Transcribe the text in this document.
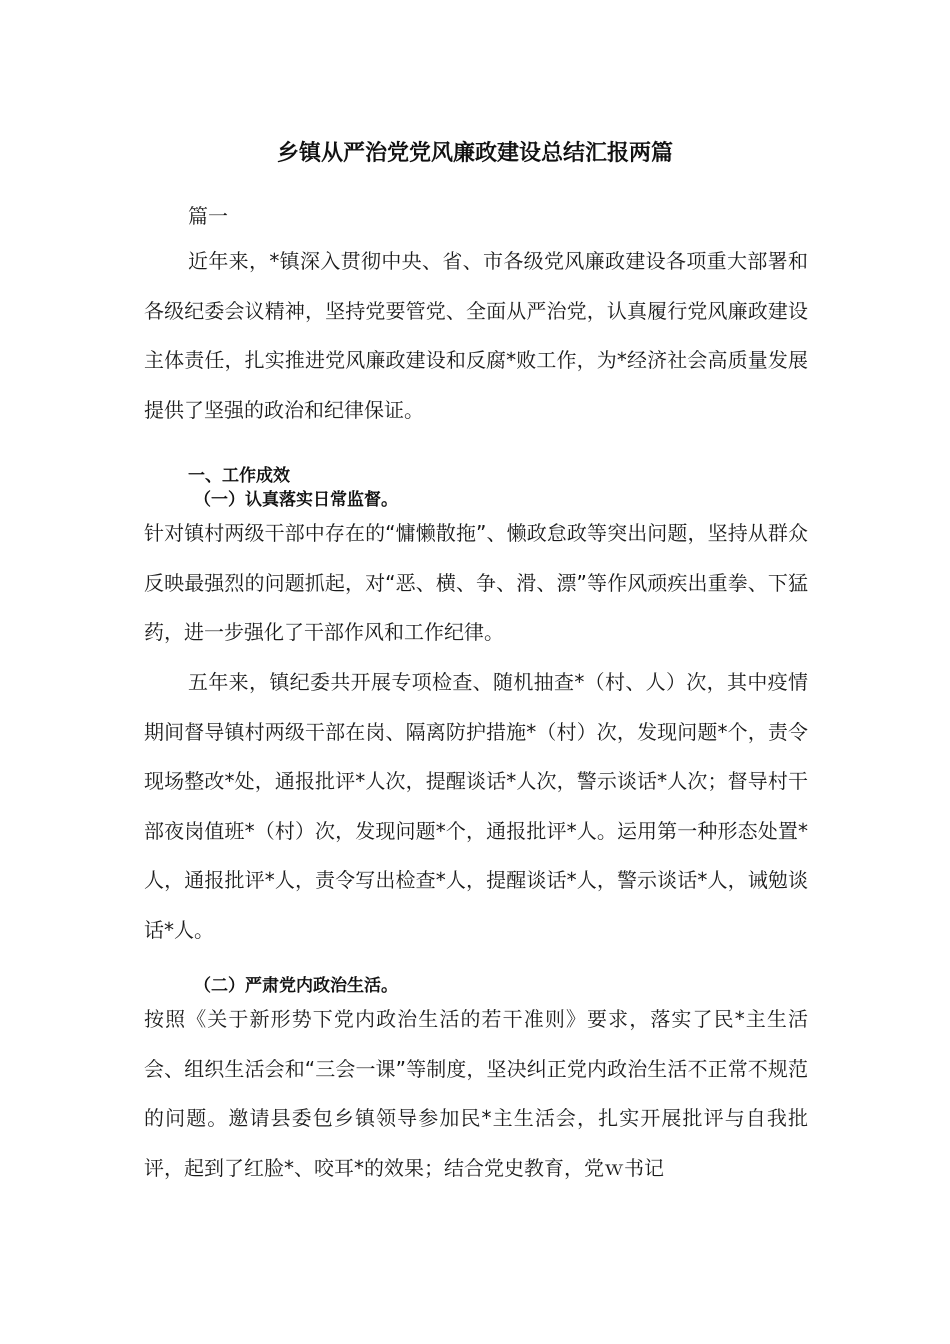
乡镇从严治党党风廉政建设总结汇报两篇

篇一

近年来，*镇深入贯彻中央、省、市各级党风廉政建设各项重大部署和各级纪委会议精神，坚持党要管党、全面从严治党，认真履行党风廉政建设主体责任，扎实推进党风廉政建设和反腐*败工作，为*经济社会高质量发展提供了坚强的政治和纪律保证。

一、工作成效

（一）认真落实日常监督。

针对镇村两级干部中存在的“慵懒散拖”、懒政怠政等突出问题，坚持从群众反映最强烈的问题抓起，对“恶、横、争、滑、漂”等作风顽疾出重拳、下猛药，进一步强化了干部作风和工作纪律。

五年来，镇纪委共开展专项检查、随机抽查*（村、人）次，其中疫情期间督导镇村两级干部在岗、隔离防护措施*（村）次，发现问题*个，责令现场整改*处，通报批评*人次，提醒谈话*人次，警示谈话*人次；督导村干部夜岗值班*（村）次，发现问题*个，通报批评*人。运用第一种形态处置*人，通报批评*人，责令写出检查*人，提醒谈话*人，警示谈话*人，诫勉谈话*人。

（二）严肃党内政治生活。

按照《关于新形势下党内政治生活的若干准则》要求，落实了民*主生活会、组织生活会和“三会一课”等制度，坚决纠正党内政治生活不正常不规范的问题。邀请县委包乡镇领导参加民*主生活会，扎实开展批评与自我批评，起到了红脸*、咬耳*的效果；结合党史教育，党ｗ书记
